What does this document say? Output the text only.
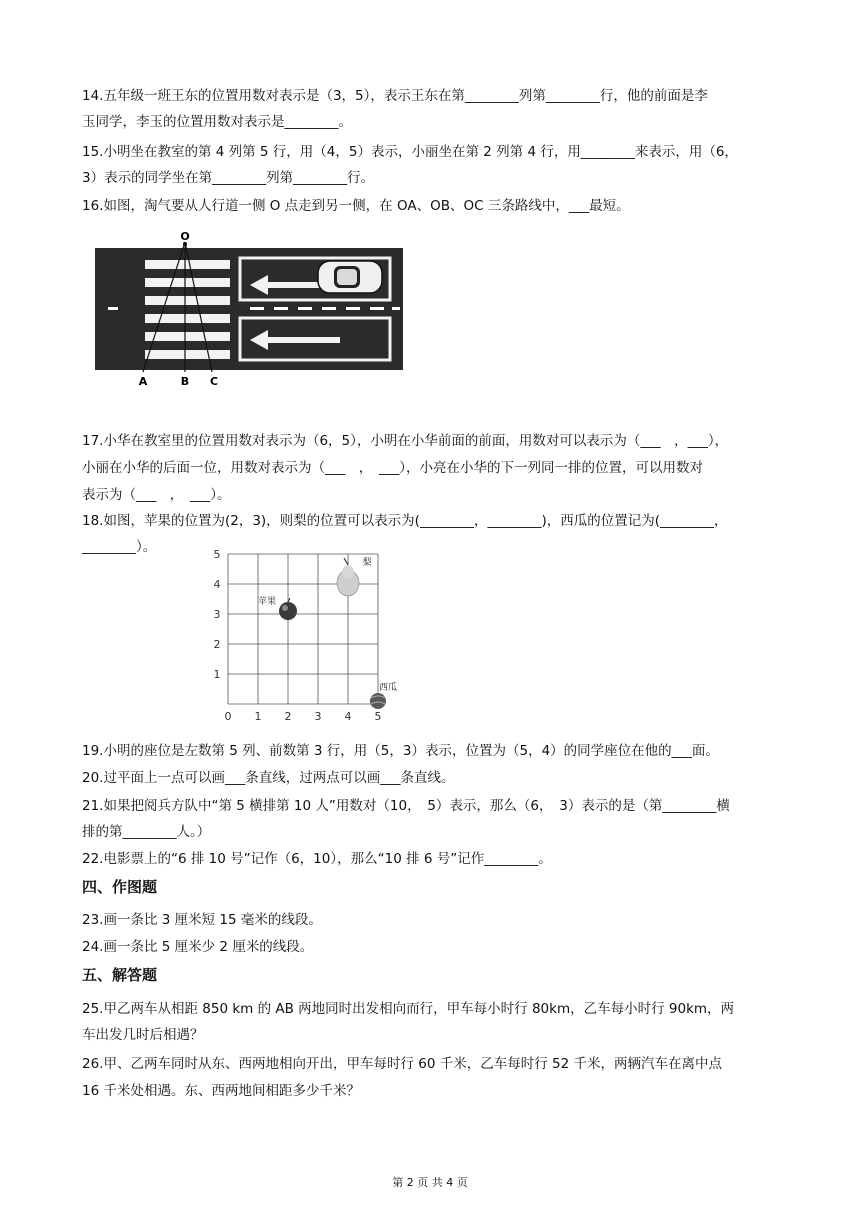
14.五年级一班王东的位置用数对表示是（3，5），表示王东在第________列第________行，他的前面是李
玉同学，李玉的位置用数对表示是________。
15.小明坐在教室的第 4 列第 5 行，用（4，5）表示，小丽坐在第 2 列第 4 行，用________来表示，用（6，
3）表示的同学坐在第________列第________行。
16.如图，淘气要从人行道一侧 O 点走到另一侧，在 OA、OB、OC 三条路线中，___最短。
O
A	B C
17.小华在教室里的位置用数对表示为（6，5），小明在小华前面的前面，用数对可以表示为（___　，___），
小丽在小华的后面一位，用数对表示为（___　，　___），小亮在小华的下一列同一排的位置，可以用数对
表示为（___　，　___）。
18.如图，苹果的位置为(2，3)，则梨的位置可以表示为(________，________)，西瓜的位置记为(________，
________）。
0 1 2 3 4 5
1
2
3
4
5
苹果
梨
西瓜
19.小明的座位是左数第 5 列、前数第 3 行，用（5，3）表示，位置为（5，4）的同学座位在他的___面。
20.过平面上一点可以画___条直线，过两点可以画___条直线。
21.如果把阅兵方队中“第 5 横排第 10 人”用数对（10，　5）表示，那么（6，　3）表示的是（第________横
排的第________人。）
22.电影票上的“6 排 10 号”记作（6，10），那么“10 排 6 号”记作________。
四、作图题
23.画一条比 3 厘米短 15 毫米的线段。
24.画一条比 5 厘米少 2 厘米的线段。
五、解答题
25.甲乙两车从相距 850 km 的 AB 两地同时出发相向而行，甲车每小时行 80km，乙车每小时行 90km，两
车出发几时后相遇？
26.甲、乙两车同时从东、西两地相向开出，甲车每时行 60 千米，乙车每时行 52 千米，两辆汽车在离中点
16 千米处相遇。东、西两地间相距多少千米？
第 2 页 共 4 页
